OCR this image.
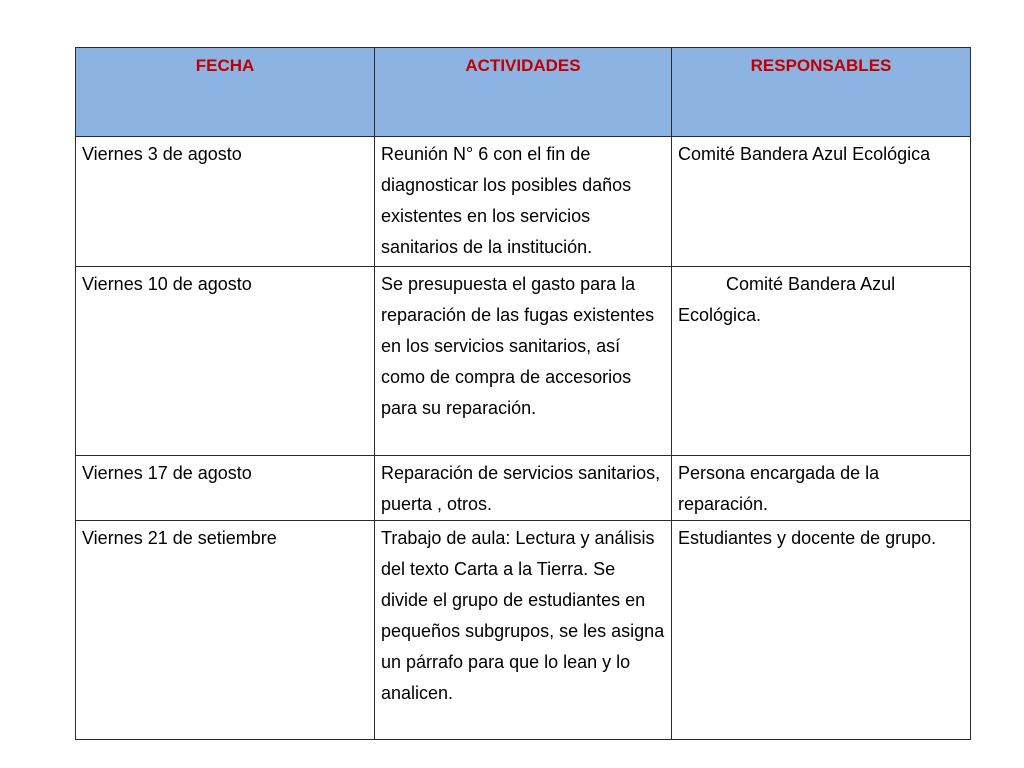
FECHA	ACTIVIDADES	RESPONSABLES
Viernes 3 de agosto	Reunión N° 6 con el fin de diagnosticar los posibles daños existentes en los servicios sanitarios de la institución.	Comité Bandera Azul Ecológica
Viernes 10 de agosto	Se presupuesta el gasto para la reparación de las fugas existentes en los servicios sanitarios, así como de compra de accesorios para su reparación.	Comité Bandera Azul Ecológica.
Viernes 17 de agosto	Reparación de servicios sanitarios, puerta , otros.	Persona encargada de la reparación.
Viernes 21 de setiembre	Trabajo de aula: Lectura y análisis del texto Carta a la Tierra. Se divide el grupo de estudiantes en pequeños subgrupos, se les asigna un párrafo para que lo lean y lo analicen.	Estudiantes y docente de grupo.
